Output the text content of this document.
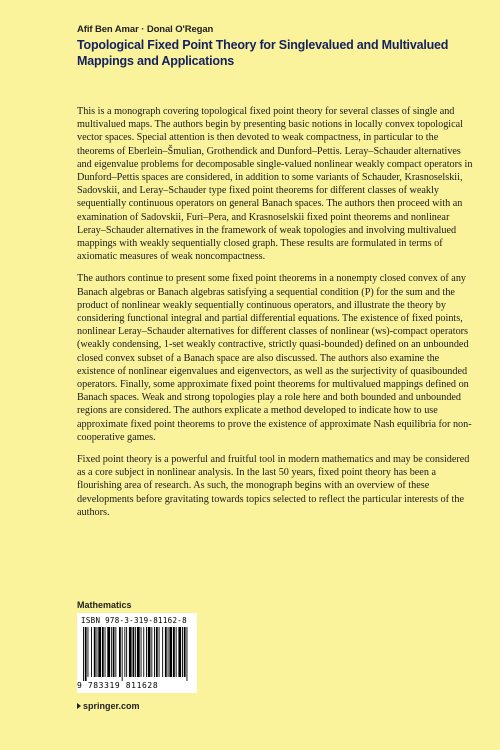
Afif Ben Amar · Donal O'Regan
Topological Fixed Point Theory for Singlevalued and Multivalued Mappings and Applications

This is a monograph covering topological fixed point theory for several classes of single and multivalued maps. The authors begin by presenting basic notions in locally convex topological vector spaces. Special attention is then devoted to weak compactness, in particular to the theorems of Eberlein–Šmulian, Grothendick and Dunford–Pettis. Leray–Schauder alternatives and eigenvalue problems for decomposable single-valued nonlinear weakly compact operators in Dunford–Pettis spaces are considered, in addition to some variants of Schauder, Krasnoselskii, Sadovskii, and Leray–Schauder type fixed point theorems for different classes of weakly sequentially continuous operators on general Banach spaces. The authors then proceed with an examination of Sadovskii, Furi–Pera, and Krasnoselskii fixed point theorems and nonlinear Leray–Schauder alternatives in the framework of weak topologies and involving multivalued mappings with weakly sequentially closed graph. These results are formulated in terms of axiomatic measures of weak noncompactness.

The authors continue to present some fixed point theorems in a nonempty closed convex of any Banach algebras or Banach algebras satisfying a sequential condition (P) for the sum and the product of nonlinear weakly sequentially continuous operators, and illustrate the theory by considering functional integral and partial differential equations. The existence of fixed points, nonlinear Leray–Schauder alternatives for different classes of nonlinear (ws)-compact operators (weakly condensing, 1-set weakly contractive, strictly quasi-bounded) defined on an unbounded closed convex subset of a Banach space are also discussed. The authors also examine the existence of nonlinear eigenvalues and eigenvectors, as well as the surjectivity of quasibounded operators. Finally, some approximate fixed point theorems for multivalued mappings defined on Banach spaces. Weak and strong topologies play a role here and both bounded and unbounded regions are considered. The authors explicate a method developed to indicate how to use approximate fixed point theorems to prove the existence of approximate Nash equilibria for non-cooperative games.

Fixed point theory is a powerful and fruitful tool in modern mathematics and may be considered as a core subject in nonlinear analysis. In the last 50 years, fixed point theory has been a flourishing area of research. As such, the monograph begins with an overview of these developments before gravitating towards topics selected to reflect the particular interests of the authors.

Mathematics
ISBN 978-3-319-81162-8
9 783319 811628
springer.com
